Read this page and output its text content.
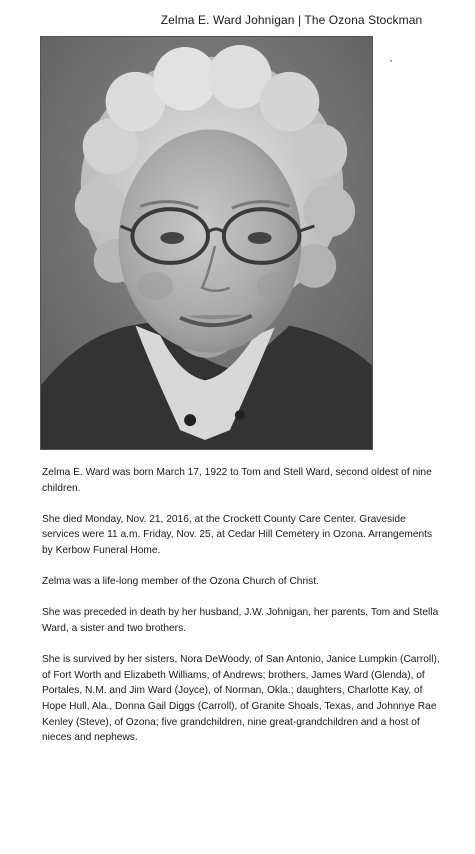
Zelma E. Ward Johnigan | The Ozona Stockman

Zelma E. Ward was born March 17, 1922 to Tom and Stell Ward, second oldest of nine children.

She died Monday, Nov. 21, 2016, at the Crockett County Care Center. Graveside services were 11 a.m. Friday, Nov. 25, at Cedar Hill Cemetery in Ozona. Arrangements by Kerbow Funeral Home.

Zelma was a life-long member of the Ozona Church of Christ.

She was preceded in death by her husband, J.W. Johnigan, her parents, Tom and Stella Ward, a sister and two brothers.

She is survived by her sisters, Nora DeWoody, of San Antonio, Janice Lumpkin (Carroll), of Fort Worth and Elizabeth Williams, of Andrews; brothers, James Ward (Glenda), of Portales, N.M. and Jim Ward (Joyce), of Norman, Okla.; daughters, Charlotte Kay, of Hope Hull, Ala., Donna Gail Diggs (Carroll), of Granite Shoals, Texas, and Johnnye Rae Kenley (Steve), of Ozona; five grandchildren, nine great-grandchildren and a host of nieces and nephews.
